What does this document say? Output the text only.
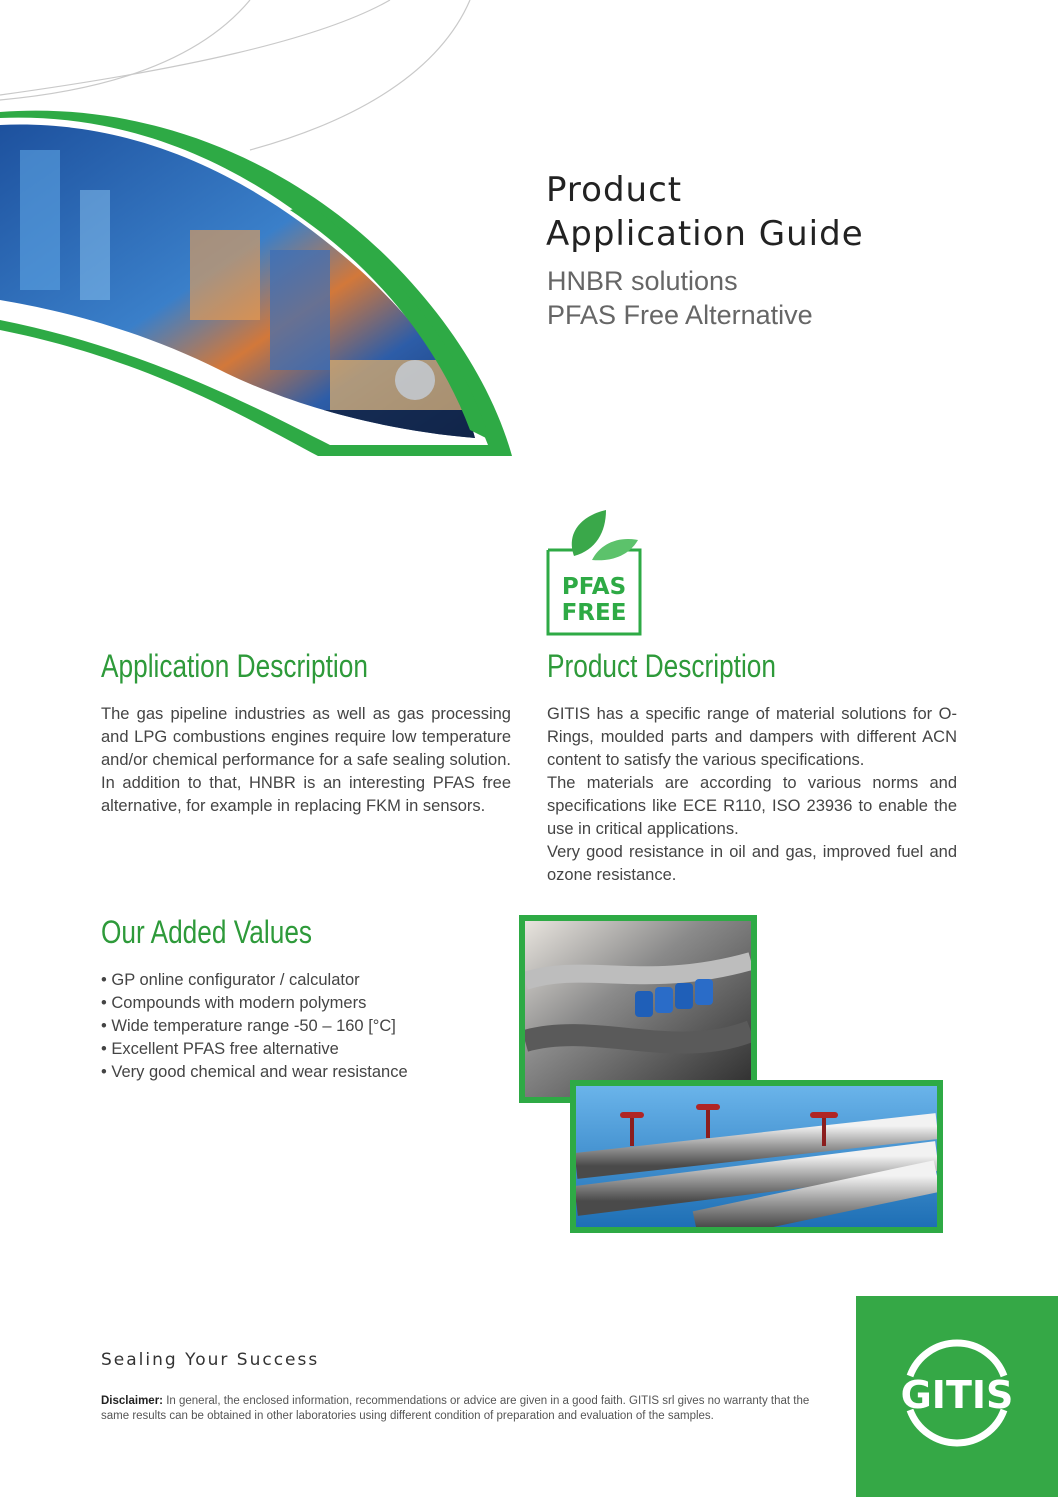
Product
Application Guide
HNBR solutions
PFAS Free Alternative
PFAS
FREE
Application Description
The gas pipeline industries as well as gas processing and LPG combustions engines require low temperature and/or chemical performance for a safe sealing solution. In addition to that, HNBR is an interesting PFAS free alternative, for example in replacing FKM in sensors.
Product Description
GITIS has a specific range of material solutions for O-Rings, moulded parts and dampers with different ACN content to satisfy the various specifications.
The materials are according to various norms and specifications like ECE R110, ISO 23936 to enable the use in critical applications.
Very good resistance in oil and gas, improved fuel and ozone resistance.
Our Added Values
• GP online configurator / calculator
• Compounds with modern polymers
• Wide temperature range -50 – 160 [°C]
• Excellent PFAS free alternative
• Very good chemical and wear resistance
Sealing Your Success
Disclaimer: In general, the enclosed information, recommendations or advice are given in a good faith. GITIS srl gives no warranty that the same results can be obtained in other laboratories using different condition of preparation and evaluation of the samples.	GITIS
